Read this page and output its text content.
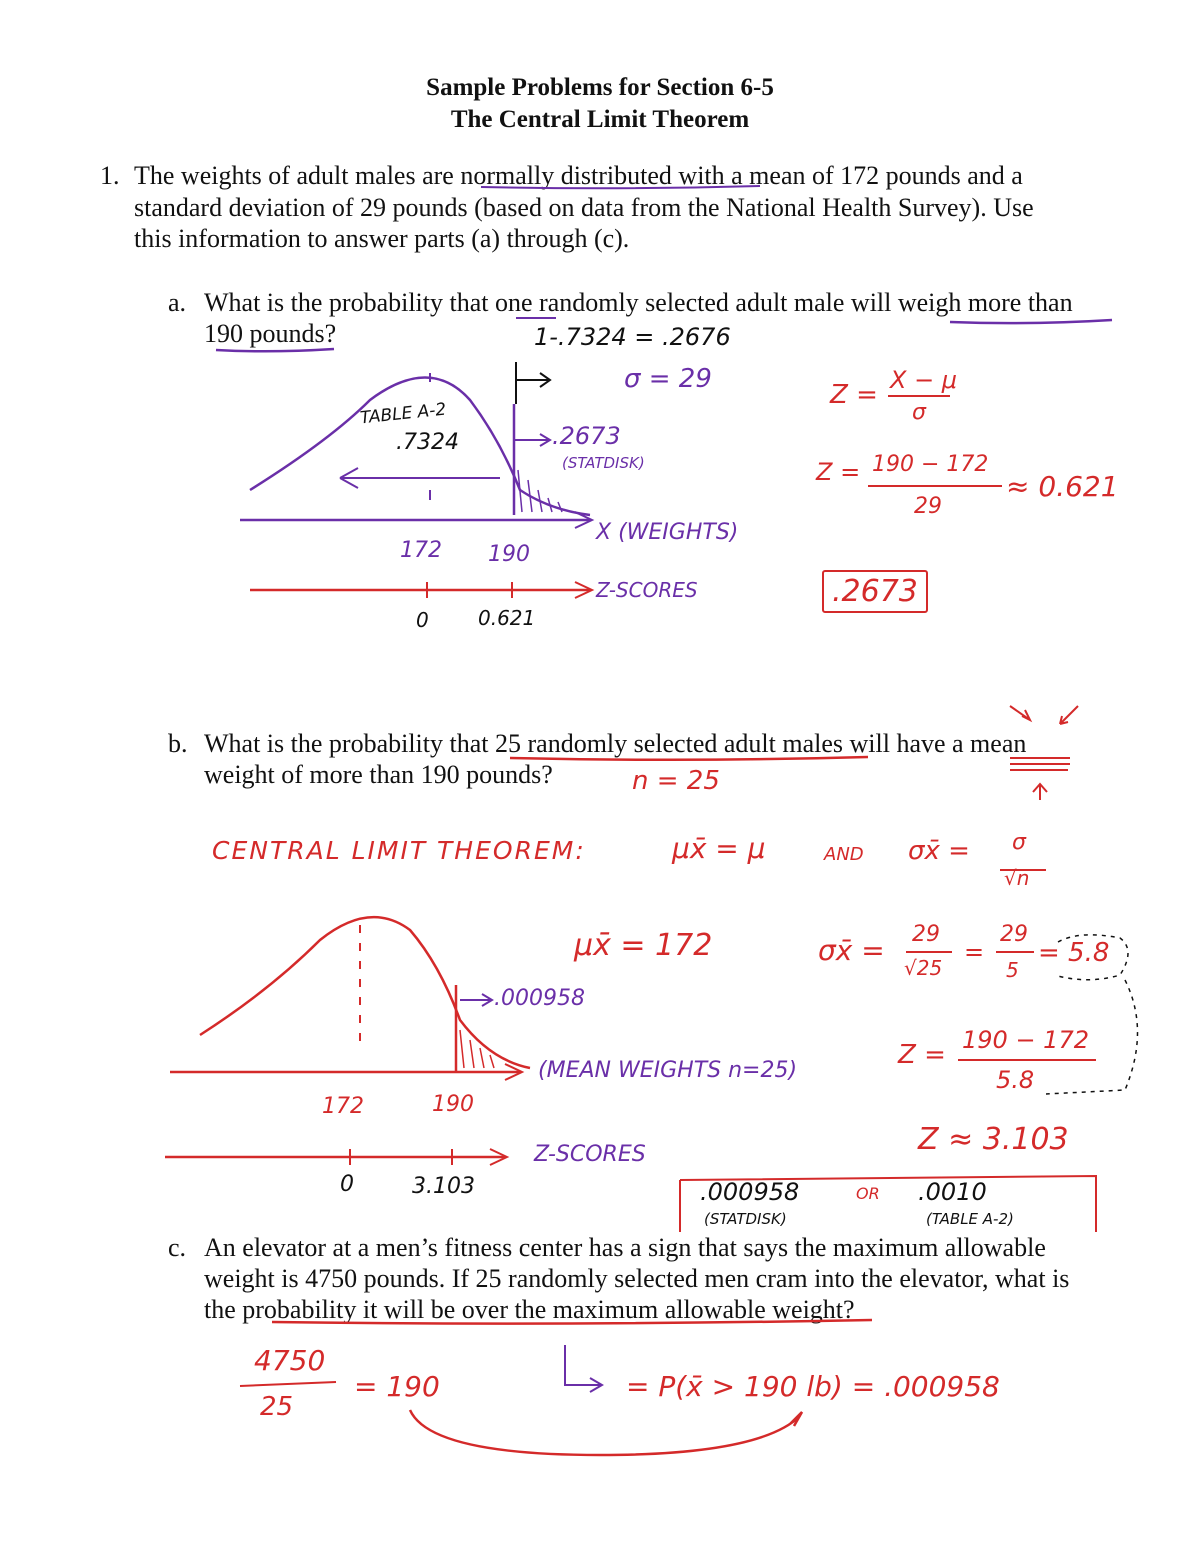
Sample Problems for Section 6-5
The Central Limit Theorem
1. The weights of adult males are normally distributed with a mean of 172 pounds and a
standard deviation of 29 pounds (based on data from the National Health Survey). Use
this information to answer parts (a) through (c).
a. What is the probability that one randomly selected adult male will weigh more than
190 pounds?
b. What is the probability that 25 randomly selected adult males will have a mean
weight of more than 190 pounds?
c. An elevator at a men’s fitness center has a sign that says the maximum allowable
weight is 4750 pounds. If 25 randomly selected men cram into the elevator, what is
the probability it will be over the maximum allowable weight?
1-.7324 = .2676
σ = 29
TABLE A-2
.7324	.2673
(STATDISK)
X (WEIGHTS)
172 190
Z-SCORES
0 0.621
Z = X − μ
σ
Z = 190 − 172
29
≈ 0.621
.2673
n = 25
CENTRAL LIMIT THEOREM:	μx̄ = μ	AND σx̄ = σ
√n
μx̄ = 172	σx̄ = 29
√25
=
29
5
= 5.8
.000958
(MEAN WEIGHTS n=25)
172	190
Z-SCORES
0	3.103
Z = 190 − 172
5.8
Z ≈ 3.103
.000958
(STATDISK)
OR .0010
(TABLE A-2)
4750
25
= 190	= P(x̄ > 190 lb) = .000958
